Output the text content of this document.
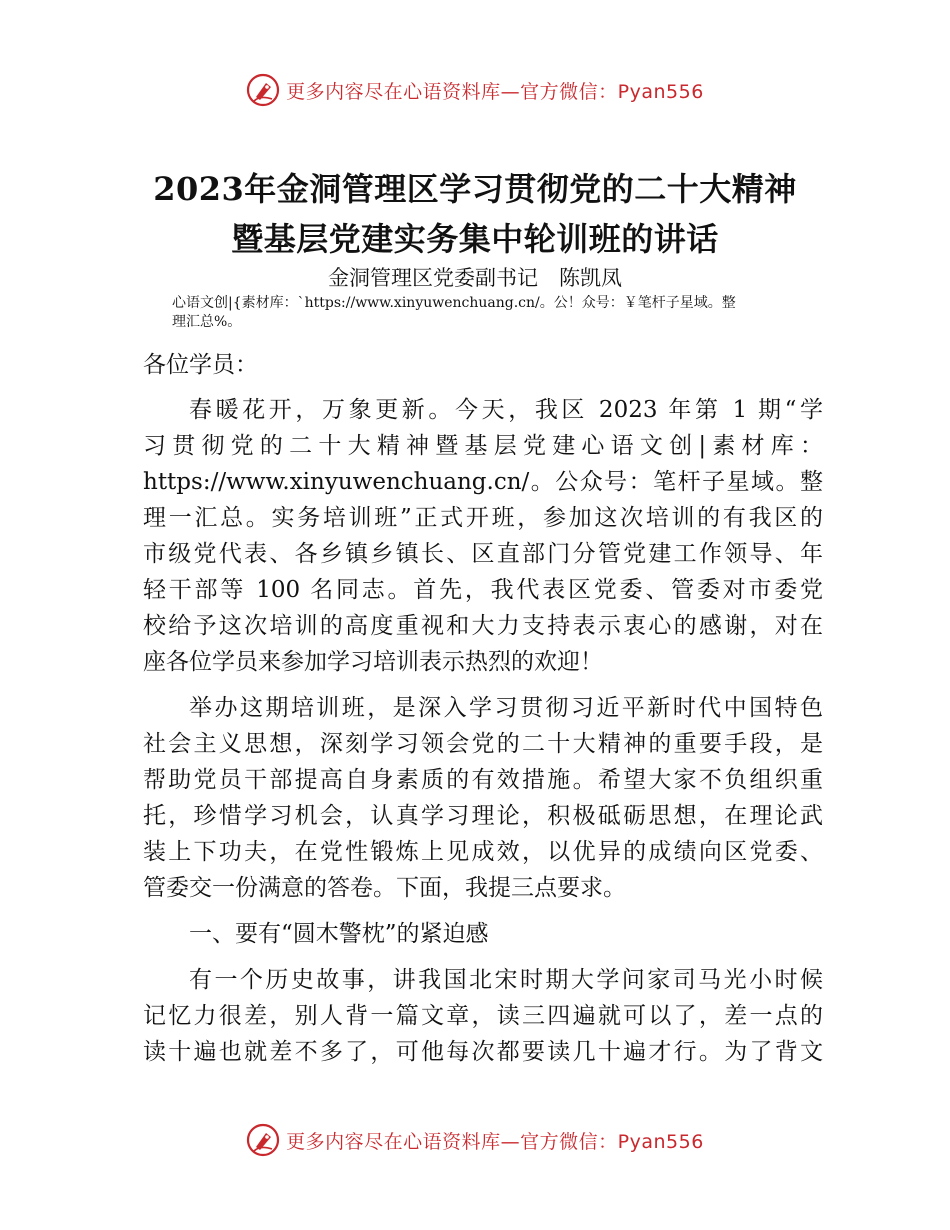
更多内容尽在心语资料库—官方微信：Pyan556
2023年金洞管理区学习贯彻党的二十大精神
暨基层党建实务集中轮训班的讲话
金洞管理区党委副书记　陈凯凤
心语文创|{素材库：`https://www.xinyuwenchuang.cn/。公！众号：￥笔杆子星域。整
理汇总%。
各位学员：
春暖花开，万象更新。今天，我区 2023 年第 1 期“学
习贯彻党的二十大精神暨基层党建心语文创|素材库：
https://www.xinyuwenchuang.cn/。公众号：笔杆子星域。整
理一汇总。实务培训班”正式开班，参加这次培训的有我区的
市级党代表、各乡镇乡镇长、区直部门分管党建工作领导、年
轻干部等 100 名同志。首先，我代表区党委、管委对市委党
校给予这次培训的高度重视和大力支持表示衷心的感谢，对在
座各位学员来参加学习培训表示热烈的欢迎！
举办这期培训班，是深入学习贯彻习近平新时代中国特色
社会主义思想，深刻学习领会党的二十大精神的重要手段，是
帮助党员干部提高自身素质的有效措施。希望大家不负组织重
托，珍惜学习机会，认真学习理论，积极砥砺思想，在理论武
装上下功夫，在党性锻炼上见成效，以优异的成绩向区党委、
管委交一份满意的答卷。下面，我提三点要求。
一、要有“圆木警枕”的紧迫感
有一个历史故事，讲我国北宋时期大学问家司马光小时候
记忆力很差，别人背一篇文章，读三四遍就可以了，差一点的
读十遍也就差不多了，可他每次都要读几十遍才行。为了背文
更多内容尽在心语资料库—官方微信：Pyan556
